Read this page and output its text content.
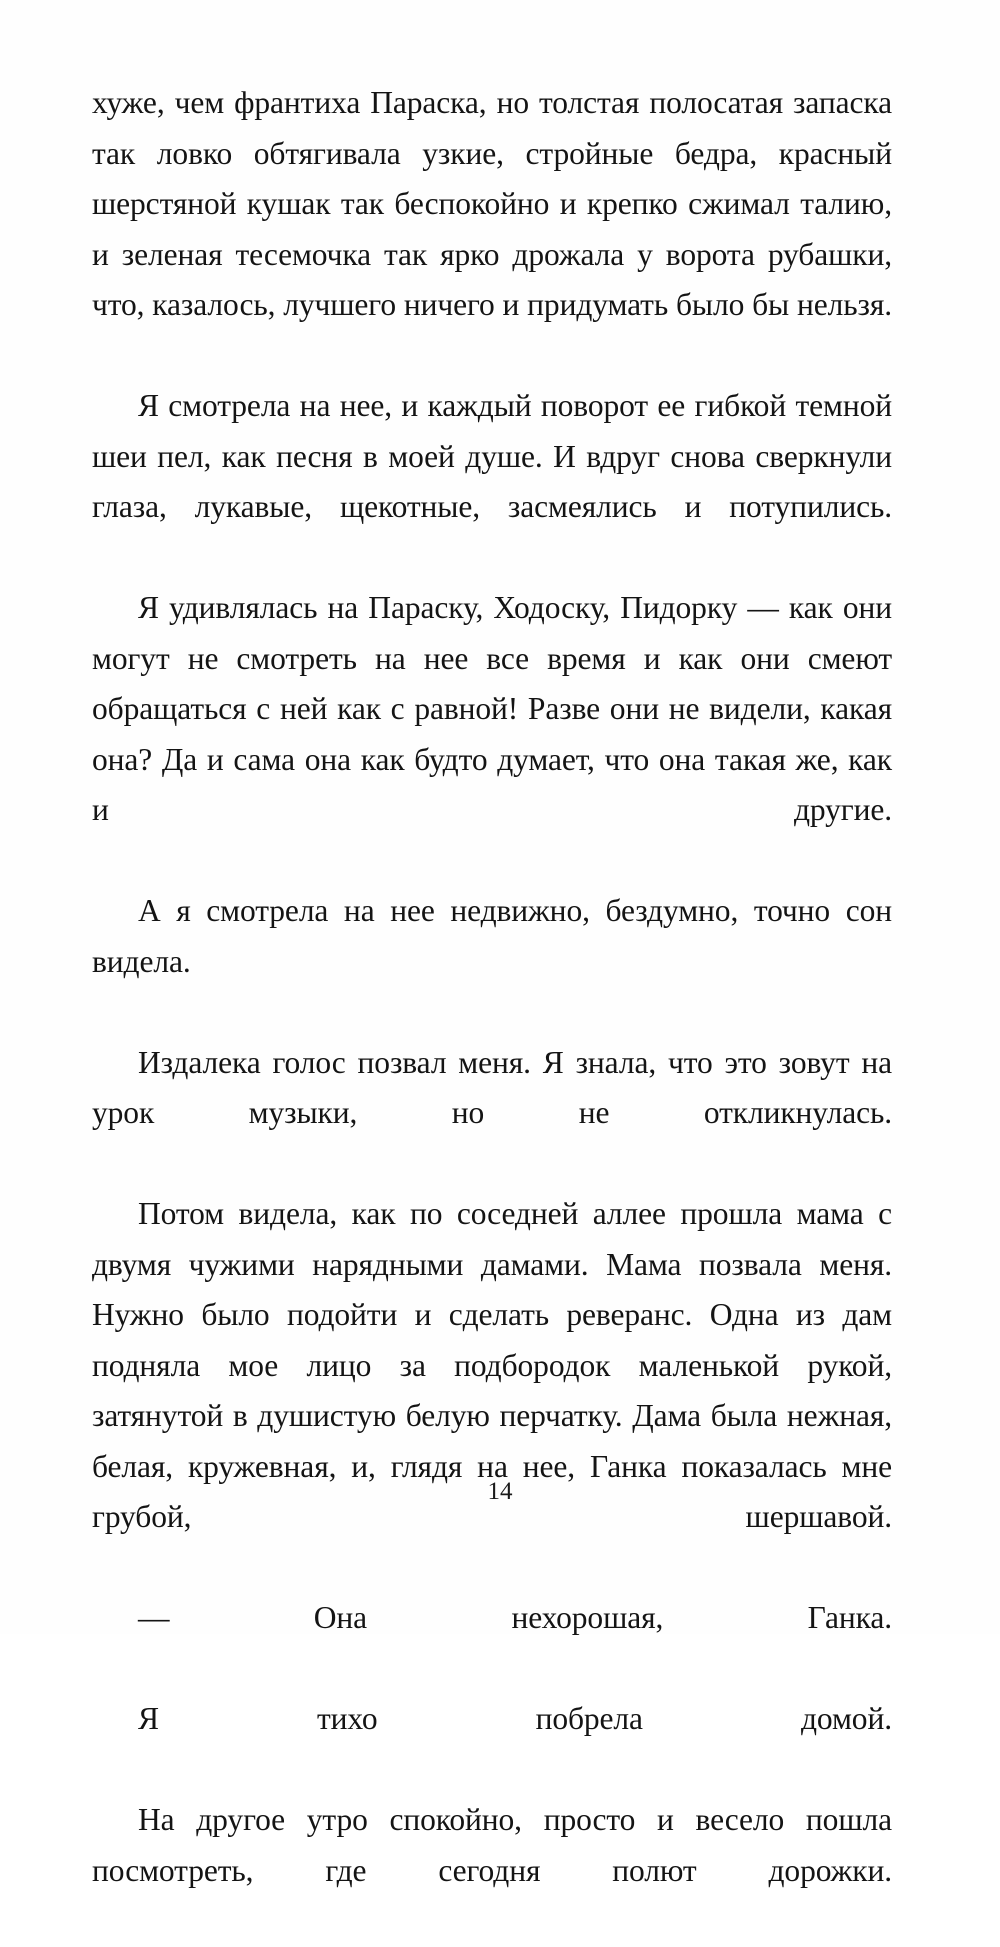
хуже, чем франтиха Параска, но толстая полосатая запаска так ловко обтягивала узкие, стройные бедра, красный шерстяной кушак так беспокойно и крепко сжимал талию, и зеленая тесемочка так ярко дрожала у ворота рубашки, что, казалось, лучшего ничего и придумать было бы нельзя.

Я смотрела на нее, и каждый поворот ее гибкой темной шеи пел, как песня в моей душе. И вдруг снова сверкнули глаза, лукавые, щекотные, засмеялись и потупились.

Я удивлялась на Параску, Ходоску, Пидорку — как они могут не смотреть на нее все время и как они смеют обращаться с ней как с равной! Разве они не видели, какая она? Да и сама она как будто думает, что она такая же, как и другие.

А я смотрела на нее недвижно, бездумно, точно сон видела.

Издалека голос позвал меня. Я знала, что это зовут на урок музыки, но не откликнулась.

Потом видела, как по соседней аллее прошла мама с двумя чужими нарядными дамами. Мама позвала меня. Нужно было подойти и сделать реверанс. Одна из дам подняла мое лицо за подбородок маленькой рукой, затянутой в душистую белую перчатку. Дама была нежная, белая, кружевная, и, глядя на нее, Ганка показалась мне грубой, шершавой.

— Она нехорошая, Ганка.

Я тихо побрела домой.

На другое утро спокойно, просто и весело пошла посмотреть, где сегодня полют дорожки.

14
